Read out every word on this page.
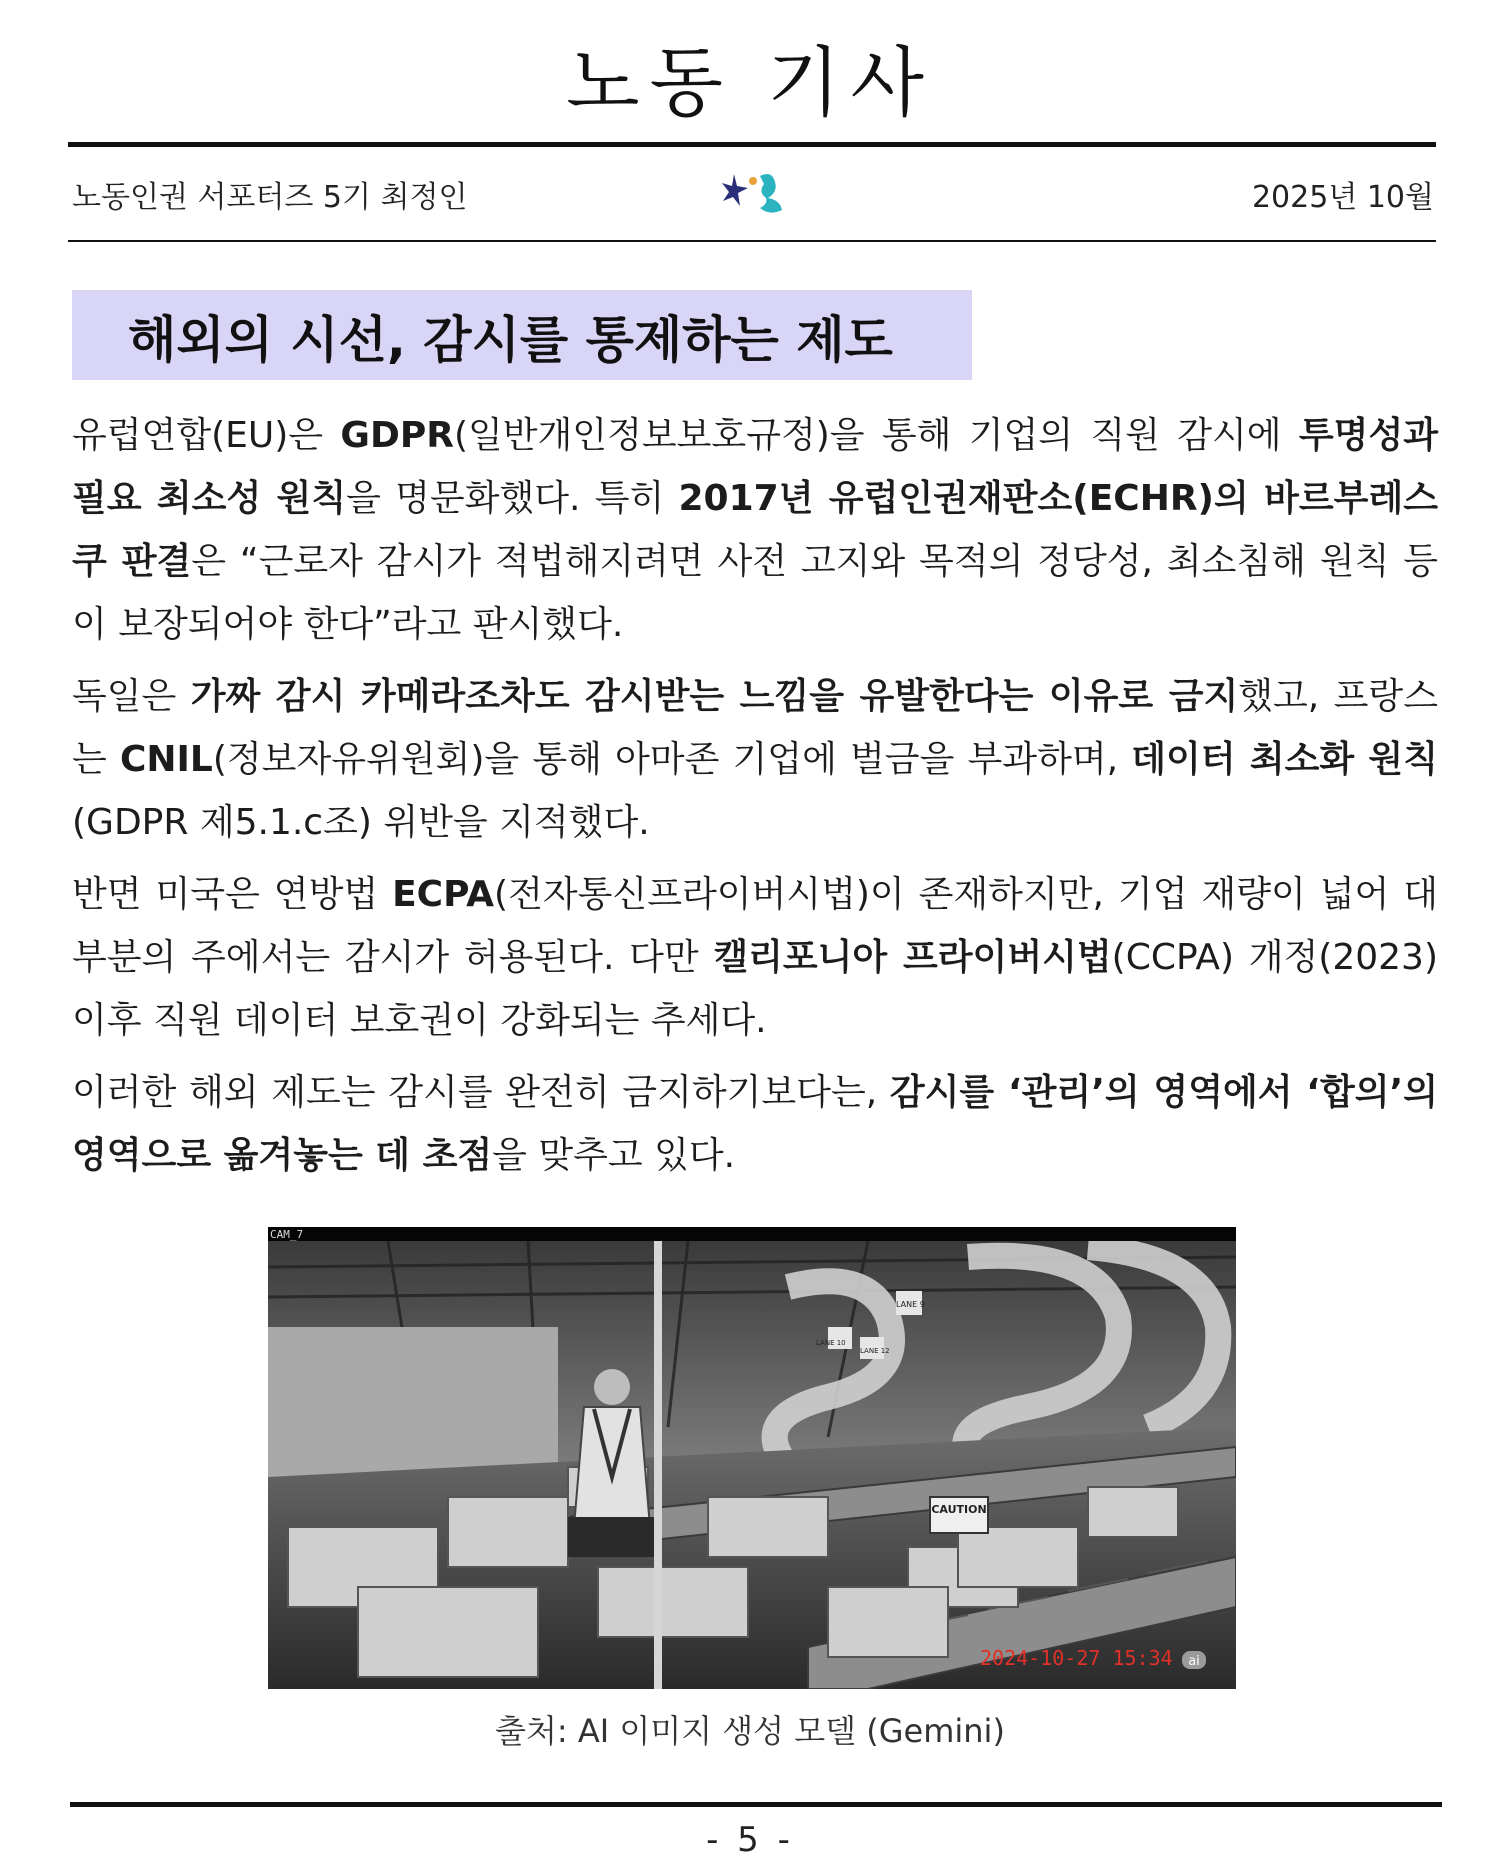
노동 기사
노동인권 서포터즈 5기 최정인	2025년 10월
해외의 시선, 감시를 통제하는 제도

유럽연합(EU)은 GDPR(일반개인정보보호규정)을 통해 기업의 직원 감시에 투명성과 필요 최소성 원칙을 명문화했다. 특히 2017년 유럽인권재판소(ECHR)의 바르부레스쿠 판결은 “근로자 감시가 적법해지려면 사전 고지와 목적의 정당성, 최소침해 원칙 등이 보장되어야 한다”라고 판시했다.

독일은 가짜 감시 카메라조차도 감시받는 느낌을 유발한다는 이유로 금지했고, 프랑스는 CNIL(정보자유위원회)을 통해 아마존 기업에 벌금을 부과하며, 데이터 최소화 원칙(GDPR 제5.1.c조) 위반을 지적했다.

반면 미국은 연방법 ECPA(전자통신프라이버시법)이 존재하지만, 기업 재량이 넓어 대부분의 주에서는 감시가 허용된다. 다만 캘리포니아 프라이버시법(CCPA) 개정(2023) 이후 직원 데이터 보호권이 강화되는 추세다.

이러한 해외 제도는 감시를 완전히 금지하기보다는, 감시를 ‘관리’의 영역에서 ‘합의’의 영역으로 옮겨놓는 데 초점을 맞추고 있다.

CAUTION
LANE 9
LANE 10
LANE 12
CAM_7
2024-10-27 15:34 ai
출처: AI 이미지 생성 모델 (Gemini)
- 5 -
